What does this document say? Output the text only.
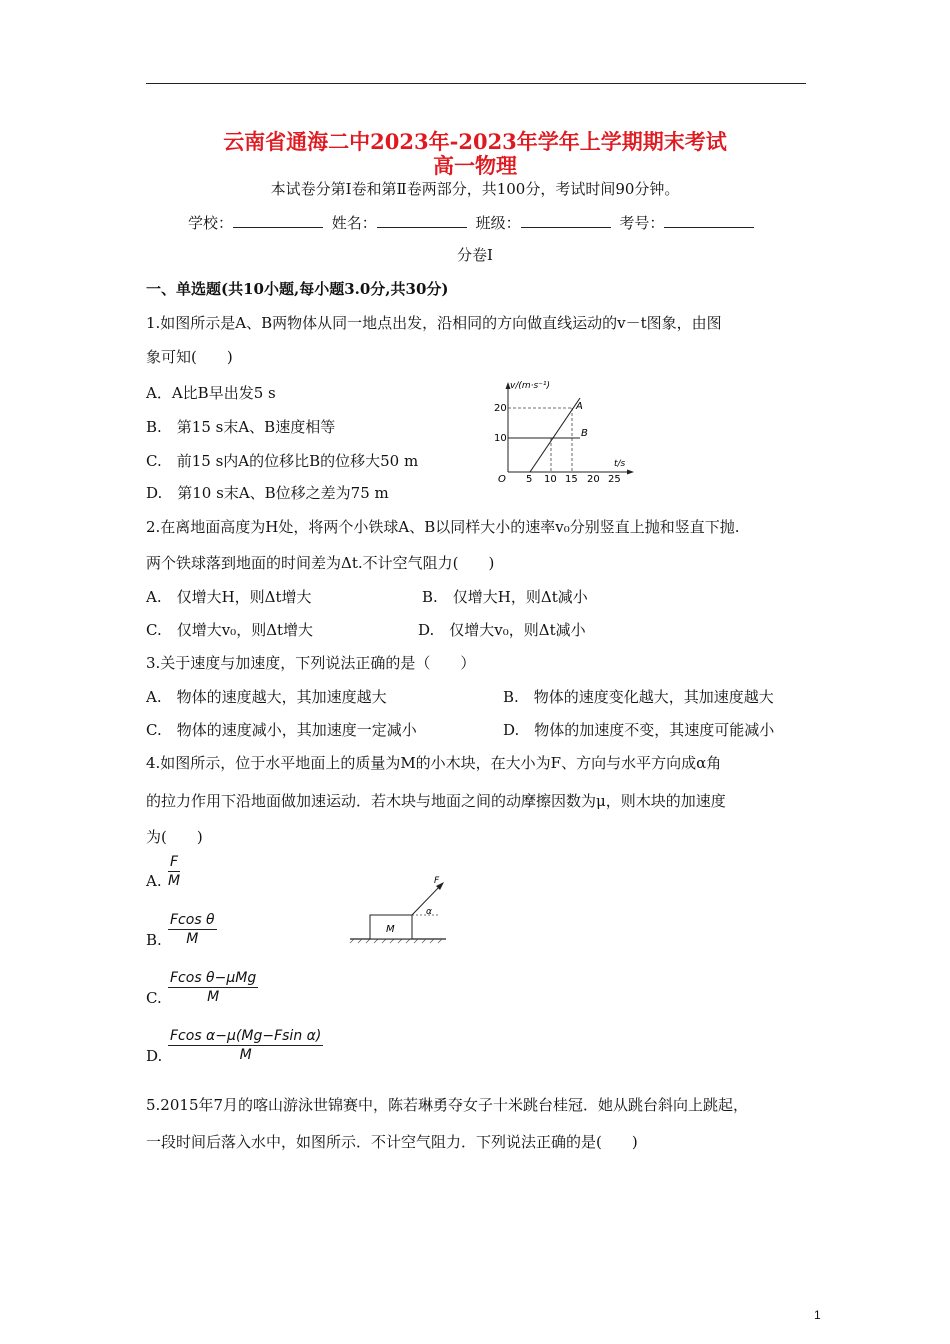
云南省通海二中2023年-2023年学年上学期期末考试
高一物理
本试卷分第Ⅰ卷和第Ⅱ卷两部分，共100分，考试时间90分钟。
学校：	姓名：	班级：	考号：
分卷Ⅰ
一、单选题(共10小题,每小题3.0分,共30分)
1.如图所示是A、B两物体从同一地点出发，沿相同的方向做直线运动的v－t图象，由图
象可知(　　)
A．A比B早出发5 s
B.　第15 s末A、B速度相等
C.　前15 s内A的位移比B的位移大50 m
D.　第10 s末A、B位移之差为75 m
v/(m·s⁻¹)
t/s
O
20
10
5 10 15 20 25
A
B
2.在离地面高度为H处，将两个小铁球A、B以同样大小的速率v₀分别竖直上抛和竖直下抛.
两个铁球落到地面的时间差为Δt.不计空气阻力(　　)
A.　仅增大H，则Δt增大	B.　仅增大H，则Δt减小
C.　仅增大v₀，则Δt增大	D.　仅增大v₀，则Δt减小
3.关于速度与加速度，下列说法正确的是（　　）
A.　物体的速度越大，其加速度越大	B.　物体的速度变化越大，其加速度越大
C.　物体的速度减小，其加速度一定减小	D.　物体的加速度不变，其速度可能减小
4.如图所示，位于水平地面上的质量为M的小木块，在大小为F、方向与水平方向成α角
的拉力作用下沿地面做加速运动．若木块与地面之间的动摩擦因数为μ，则木块的加速度
为(　　)
A. $\frac{F}{M}$
B. $\frac{\text{Fcos θ}}{M}$
C.
Fcos θ−μMg
M
D. $\frac{\text{Fcos α−μ(Mg−Fsin α)}}{M}$
M
F
α
5.2015年7月的喀山游泳世锦赛中，陈若琳勇夺女子十米跳台桂冠．她从跳台斜向上跳起，
一段时间后落入水中，如图所示．不计空气阻力．下列说法正确的是(　　)
1
